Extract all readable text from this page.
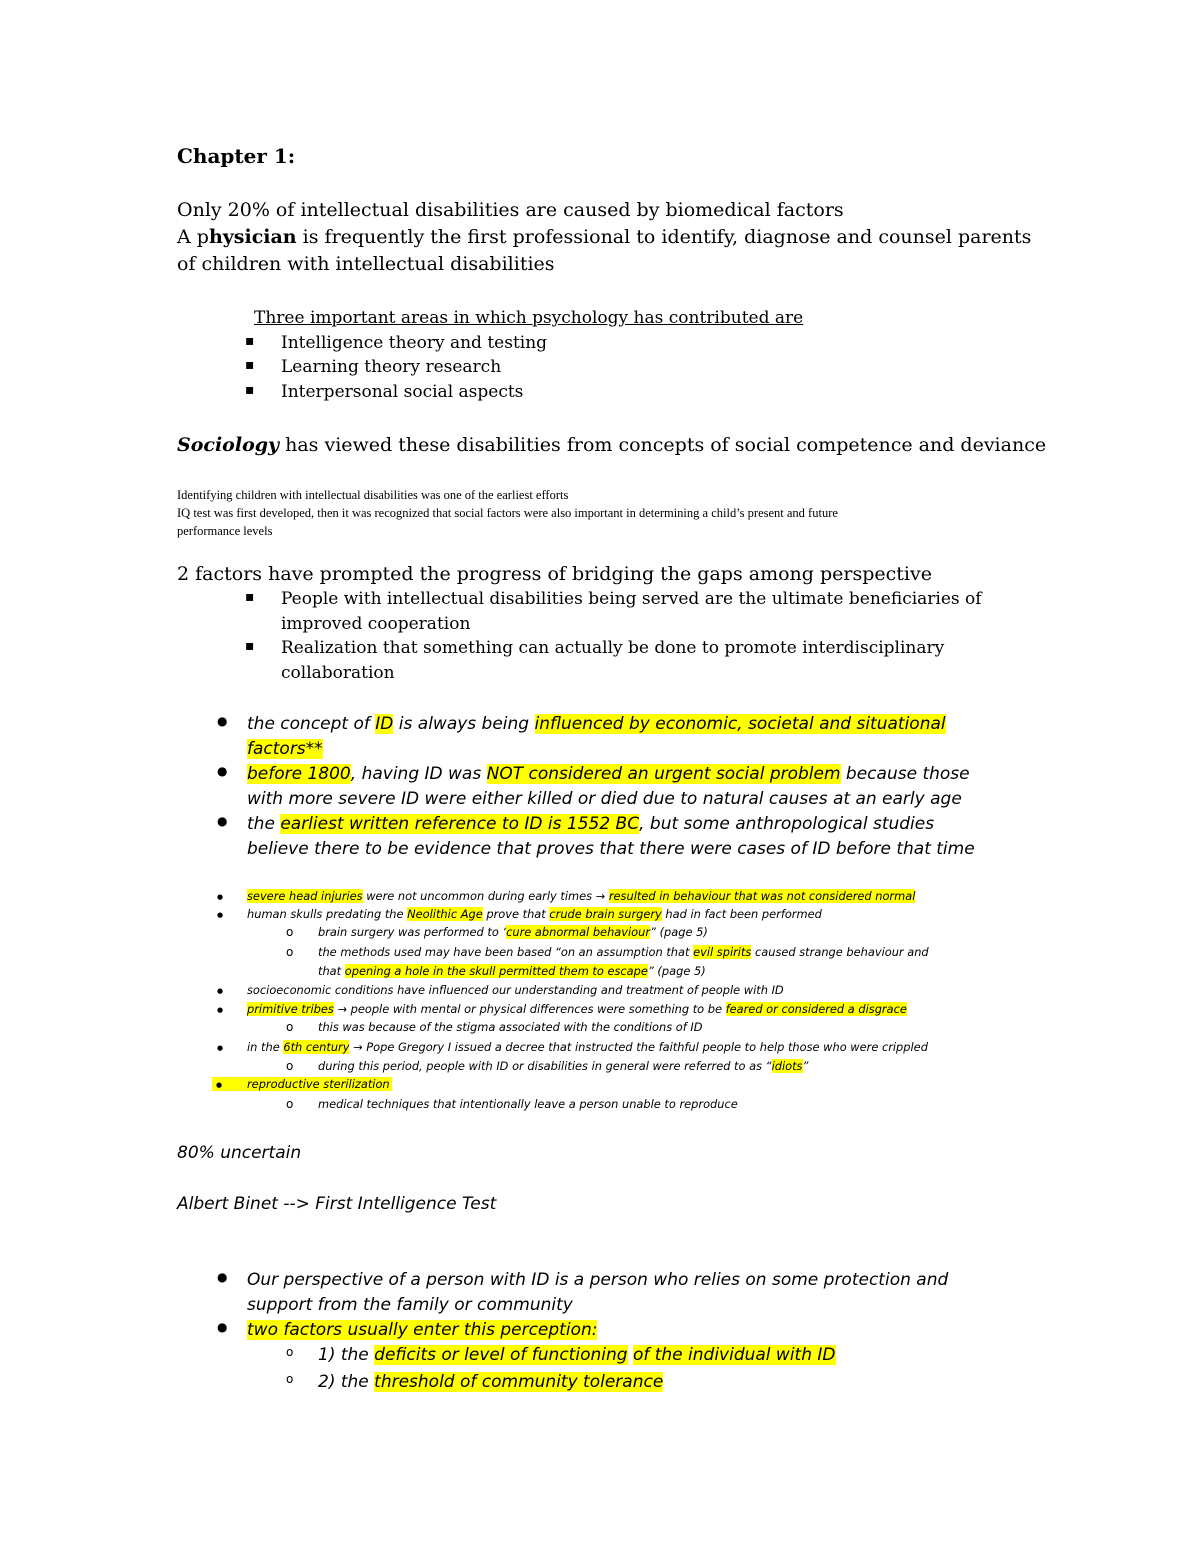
Chapter 1:
Only 20% of intellectual disabilities are caused by biomedical factors
A physician is frequently the first professional to identify, diagnose and counsel parents
of children with intellectual disabilities
Three important areas in which psychology has contributed are
▪ Intelligence theory and testing
▪ Learning theory research
▪ Interpersonal social aspects
Sociology has viewed these disabilities from concepts of social competence and deviance
Identifying children with intellectual disabilities was one of the earliest efforts
IQ test was first developed, then it was recognized that social factors were also important in determining a child’s present and future
performance levels
2 factors have prompted the progress of bridging the gaps among perspective
▪ People with intellectual disabilities being served are the ultimate beneficiaries of
improved cooperation
▪ Realization that something can actually be done to promote interdisciplinary
collaboration
● the concept of ID is always being influenced by economic, societal and situational
factors**
● before 1800, having ID was NOT considered an urgent social problem because those
with more severe ID were either killed or died due to natural causes at an early age
● the earliest written reference to ID is 1552 BC, but some anthropological studies
believe there to be evidence that proves that there were cases of ID before that time
● severe head injuries were not uncommon during early times → resulted in behaviour that was not considered normal
● human skulls predating the Neolithic Age prove that crude brain surgery had in fact been performed
o brain surgery was performed to ‘cure abnormal behaviour” (page 5)
o the methods used may have been based “on an assumption that evil spirits caused strange behaviour and
that opening a hole in the skull permitted them to escape” (page 5)
● socioeconomic conditions have influenced our understanding and treatment of people with ID
● primitive tribes → people with mental or physical differences were something to be feared or considered a disgrace
o this was because of the stigma associated with the conditions of ID
● in the 6th century → Pope Gregory I issued a decree that instructed the faithful people to help those who were crippled
o during this period, people with ID or disabilities in general were referred to as “idiots”
● reproductive sterilization
o medical techniques that intentionally leave a person unable to reproduce
80% uncertain
Albert Binet --> First Intelligence Test
● Our perspective of a person with ID is a person who relies on some protection and
support from the family or community
● two factors usually enter this perception:
o 1) the deficits or level of functioning of the individual with ID
o 2) the threshold of community tolerance
